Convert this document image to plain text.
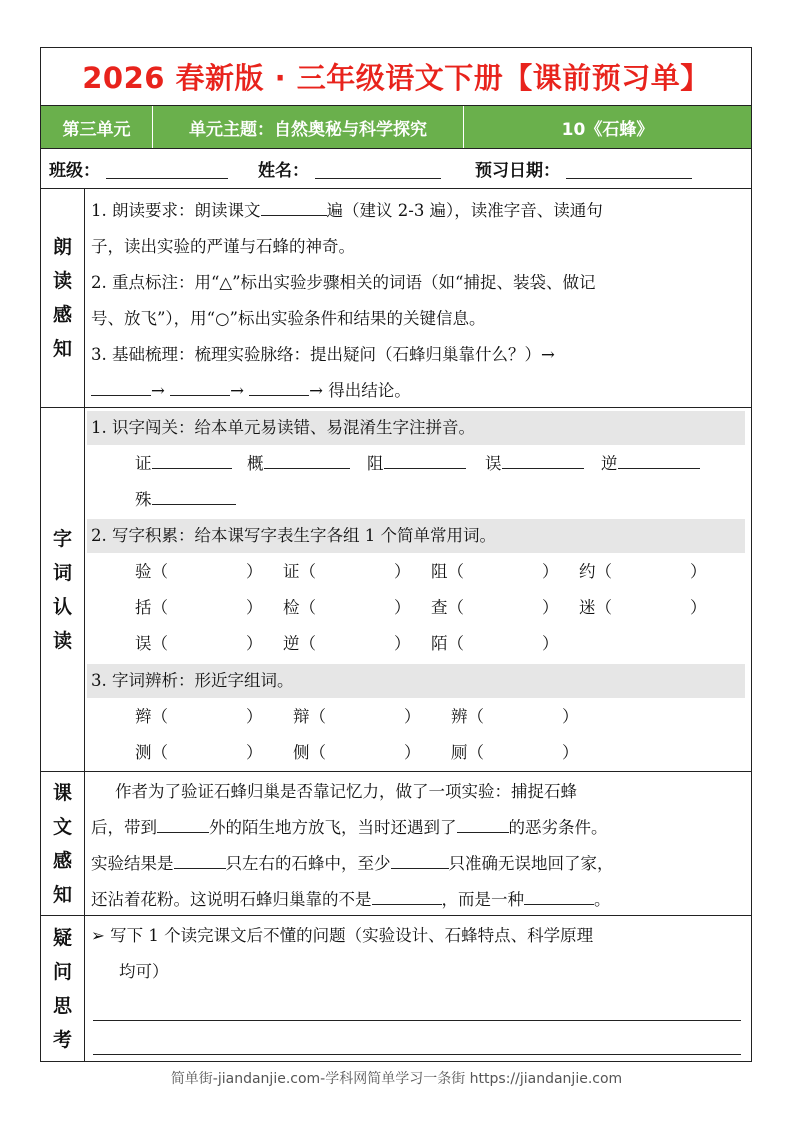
2026 春新版 · 三年级语文下册【课前预习单】
第三单元	单元主题：自然奥秘与科学探究	10《石蜂》
班级：	姓名：	预习日期：
朗
读
感
知
1. 朗读要求：朗读课文	遍（建议 2-3 遍），读准字音、读通句
子，读出实验的严谨与石蜂的神奇。
2. 重点标注：用“△”标出实验步骤相关的词语（如“捕捉、装袋、做记
号、放飞”），用“○”标出实验条件和结果的关键信息。
3. 基础梳理：梳理实验脉络：提出疑问（石蜂归巢靠什么？）→
→	→	→ 得出结论。
字
词
认
读
1. 识字闯关：给本单元易读错、易混淆生字注拼音。
证	概	阻	误	逆
殊
2. 写字积累：给本课写字表生字各组 1 个简单常用词。
验（	） 证（	） 阻（	） 约（	）
括（	） 检（	） 查（	） 迷（	）
误（	） 逆（	） 陌（	）
3. 字词辨析：形近字组词。
辫（	） 辩（	） 辨（	）
测（	） 侧（	） 厕（	）
课
文
感
知
作者为了验证石蜂归巢是否靠记忆力，做了一项实验：捕捉石蜂
后，带到	外的陌生地方放飞，当时还遇到了	的恶劣条件。
实验结果是	只左右的石蜂中，至少	只准确无误地回了家，
还沾着花粉。这说明石蜂归巢靠的不是	，而是一种	。
疑
问
思
考
➢ 写下 1 个读完课文后不懂的问题（实验设计、石蜂特点、科学原理
均可）
简单街-jiandanjie.com-学科网简单学习一条街 https://jiandanjie.com
